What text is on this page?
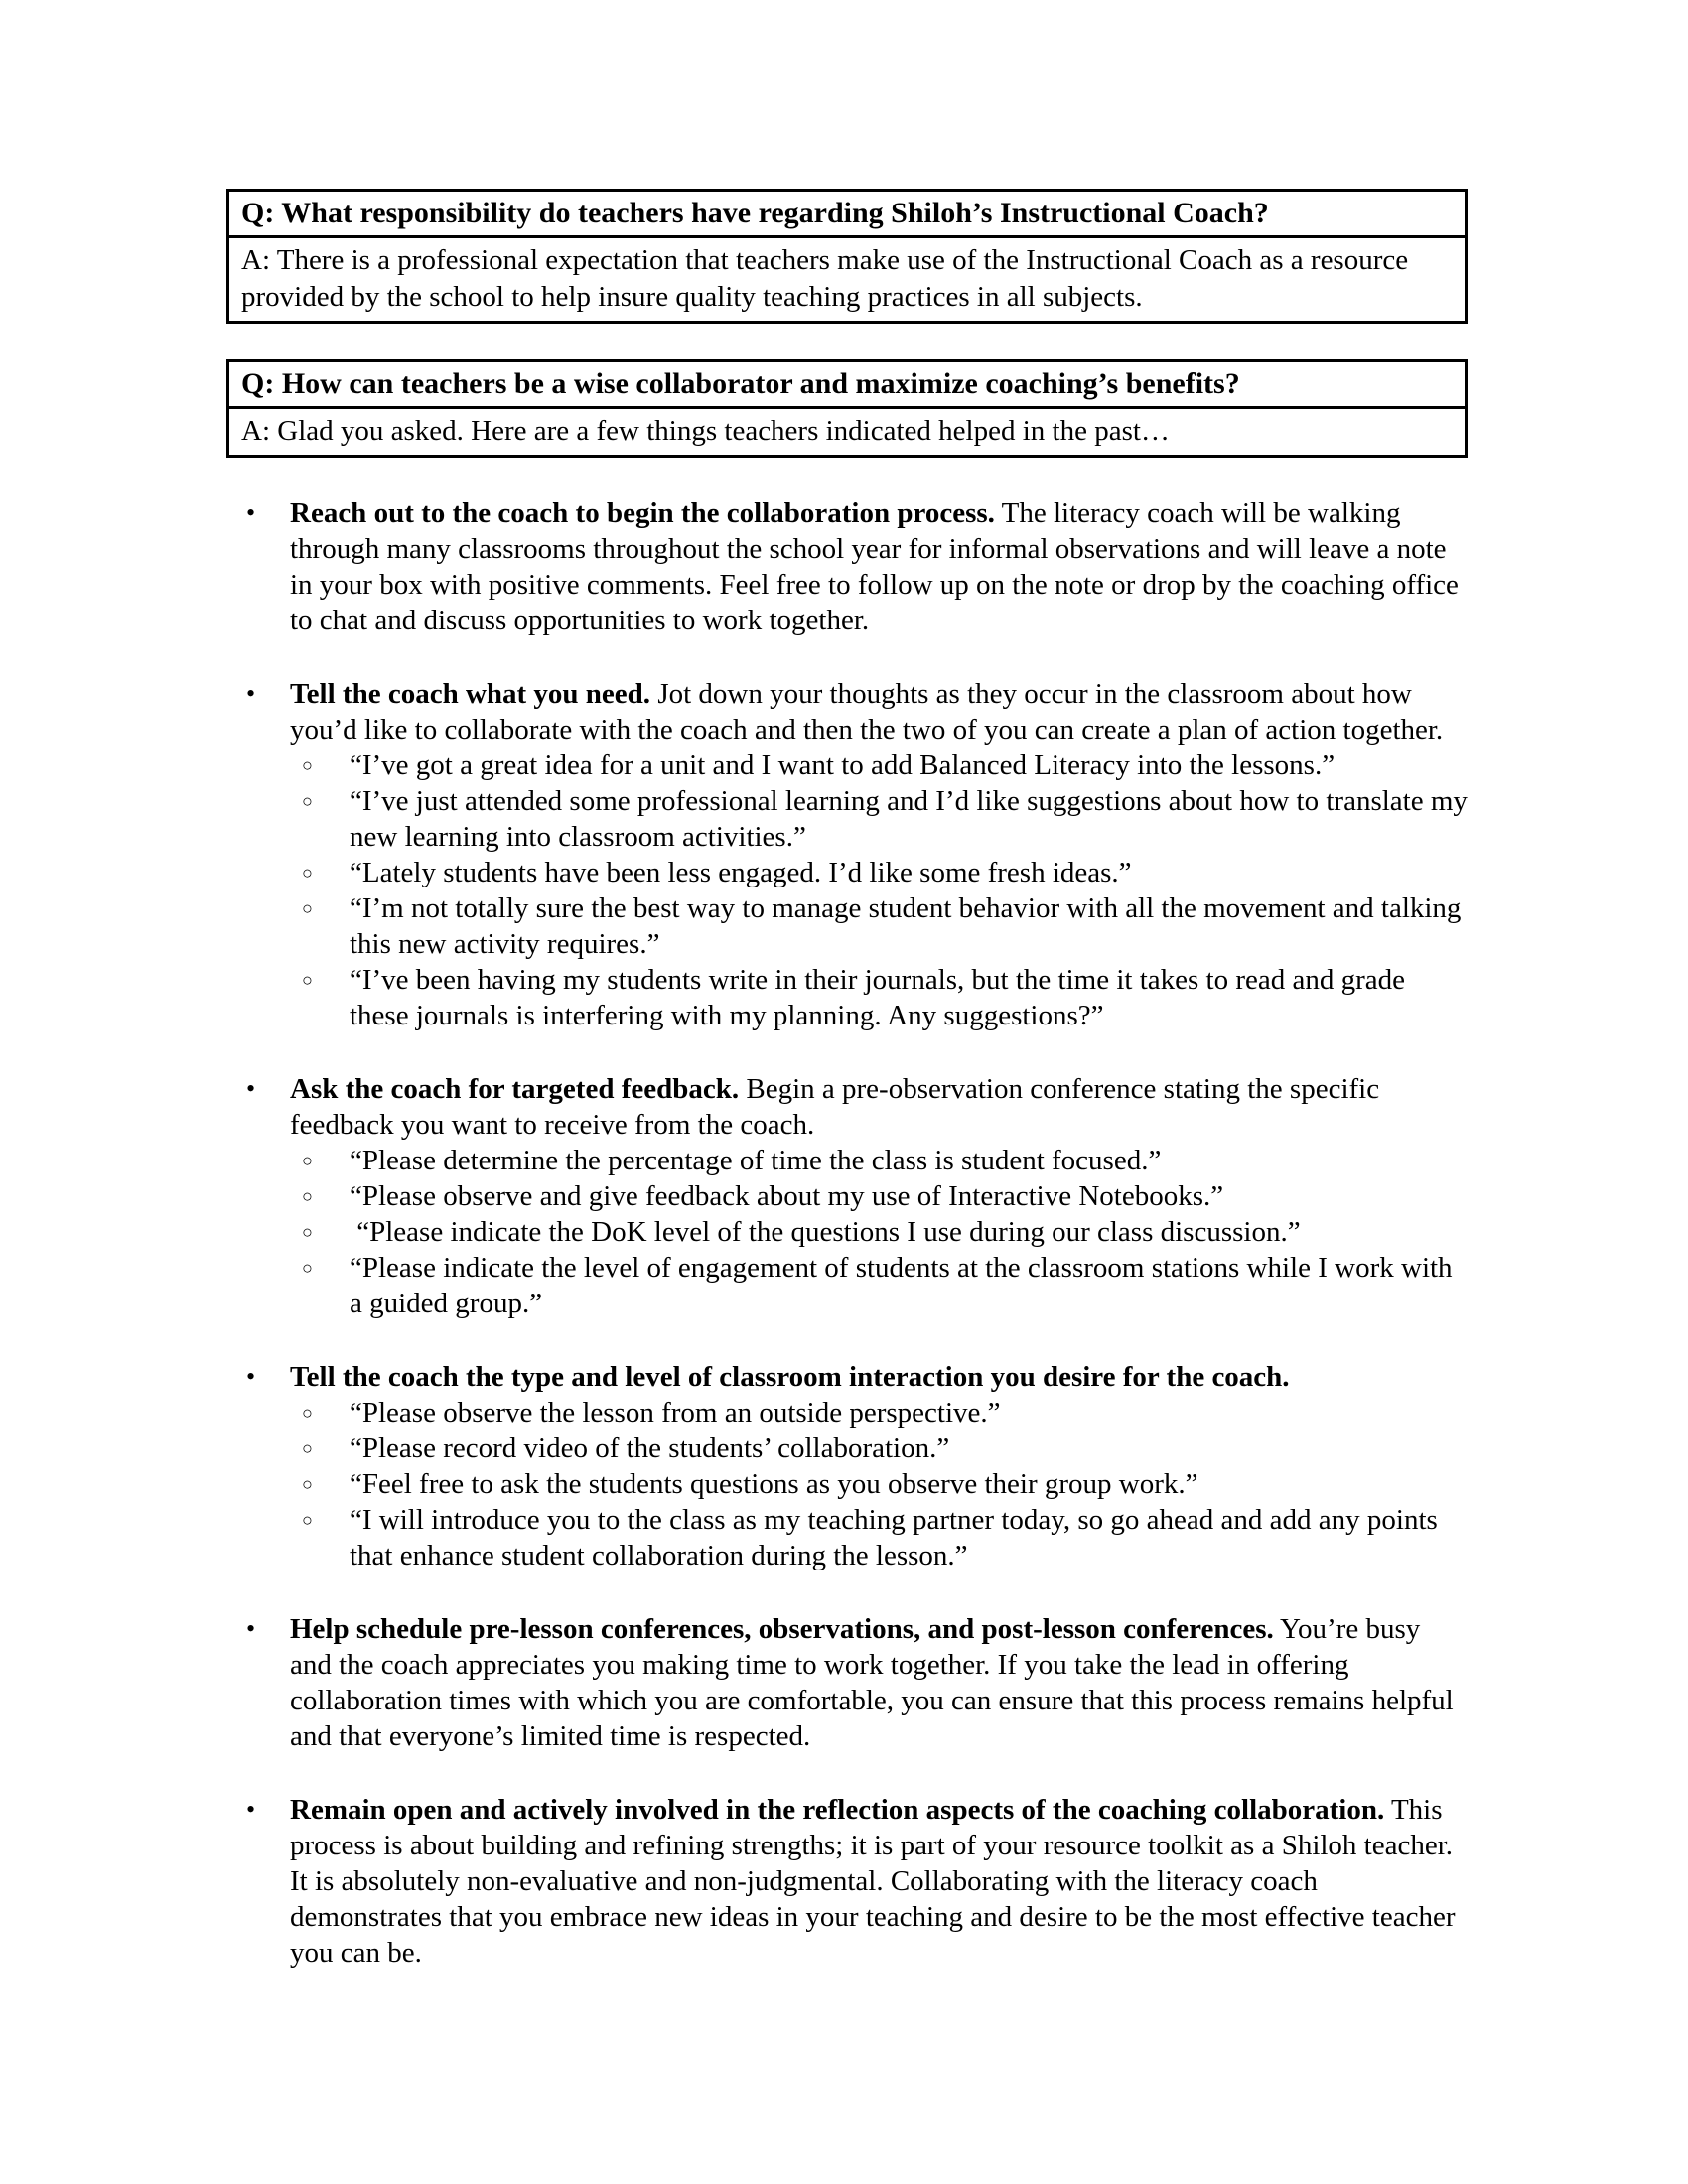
Q: What responsibility do teachers have regarding Shiloh’s Instructional Coach?
A: There is a professional expectation that teachers make use of the Instructional Coach as a resource provided by the school to help insure quality teaching practices in all subjects.
Q: How can teachers be a wise collaborator and maximize coaching’s benefits?
A: Glad you asked. Here are a few things teachers indicated helped in the past…
•	Reach out to the coach to begin the collaboration process. The literacy coach will be walking through many classrooms throughout the school year for informal observations and will leave a note in your box with positive comments. Feel free to follow up on the note or drop by the coaching office to chat and discuss opportunities to work together.

•	Tell the coach what you need. Jot down your thoughts as they occur in the classroom about how you’d like to collaborate with the coach and then the two of you can create a plan of action together.

○	“I’ve got a great idea for a unit and I want to add Balanced Literacy into the lessons.”

○	“I’ve just attended some professional learning and I’d like suggestions about how to translate my new learning into classroom activities.”

○	“Lately students have been less engaged. I’d like some fresh ideas.”

○	“I’m not totally sure the best way to manage student behavior with all the movement and talking this new activity requires.”

○	“I’ve been having my students write in their journals, but the time it takes to read and grade these journals is interfering with my planning. Any suggestions?”

•	Ask the coach for targeted feedback. Begin a pre-observation conference stating the specific feedback you want to receive from the coach.

○	“Please determine the percentage of time the class is student focused.”

○	“Please observe and give feedback about my use of Interactive Notebooks.”

○	“Please indicate the DoK level of the questions I use during our class discussion.”

○	“Please indicate the level of engagement of students at the classroom stations while I work with a guided group.”

•	Tell the coach the type and level of classroom interaction you desire for the coach.

○	“Please observe the lesson from an outside perspective.”

○	“Please record video of the students’ collaboration.”

○	“Feel free to ask the students questions as you observe their group work.”

○	“I will introduce you to the class as my teaching partner today, so go ahead and add any points that enhance student collaboration during the lesson.”

•	Help schedule pre-lesson conferences, observations, and post-lesson conferences. You’re busy and the coach appreciates you making time to work together. If you take the lead in offering collaboration times with which you are comfortable, you can ensure that this process remains helpful and that everyone’s limited time is respected.

•	Remain open and actively involved in the reflection aspects of the coaching collaboration. This process is about building and refining strengths; it is part of your resource toolkit as a Shiloh teacher. It is absolutely non-evaluative and non-judgmental. Collaborating with the literacy coach demonstrates that you embrace new ideas in your teaching and desire to be the most effective teacher you can be.
